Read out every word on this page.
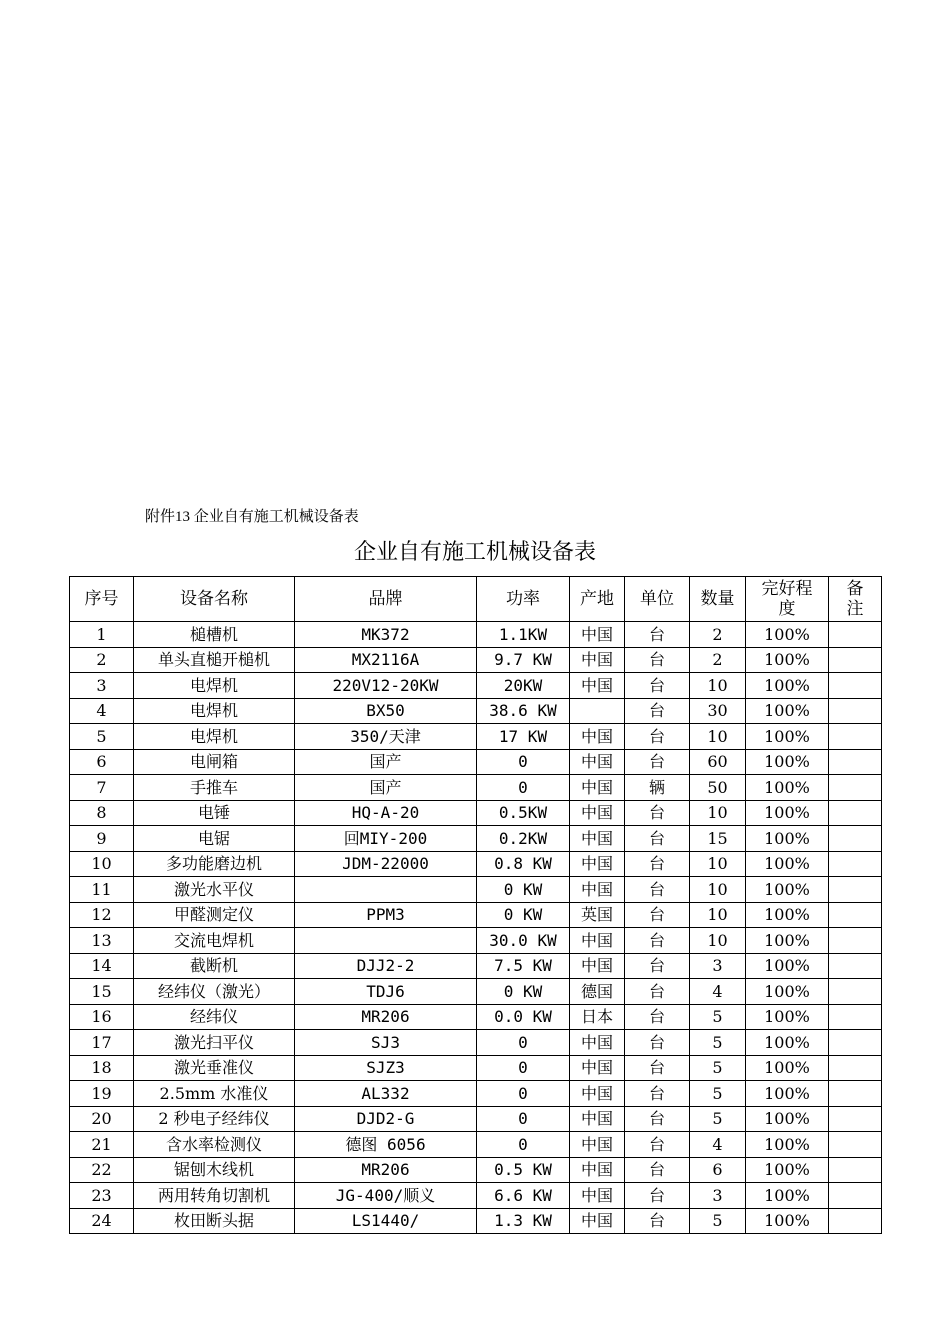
附件13 企业自有施工机械设备表
企业自有施工机械设备表
序号	设备名称	品牌	功率	产地	单位	数量	完好程度	备注
1	槌槽机	MK372	1.1KW	中国	台	2	100%	
2	单头直槌开槌机	MX2116A	9.7 KW	中国	台	2	100%	
3	电焊机	220V12-20KW	20KW	中国	台	10	100%	
4	电焊机	BX50	38.6 KW		台	30	100%	
5	电焊机	350/天津	17 KW	中国	台	10	100%	
6	电闸箱	国产	0	中国	台	60	100%	
7	手推车	国产	0	中国	辆	50	100%	
8	电锤	HQ-A-20	0.5KW	中国	台	10	100%	
9	电锯	回MIY-200	0.2KW	中国	台	15	100%	
10	多功能磨边机	JDM-22000	0.8 KW	中国	台	10	100%	
11	激光水平仪		0 KW	中国	台	10	100%	
12	甲醛测定仪	PPM3	0 KW	英国	台	10	100%	
13	交流电焊机		30.0 KW	中国	台	10	100%	
14	截断机	DJJ2-2	7.5 KW	中国	台	3	100%	
15	经纬仪（激光）	TDJ6	0 KW	德国	台	4	100%	
16	经纬仪	MR206	0.0 KW	日本	台	5	100%	
17	激光扫平仪	SJ3	0	中国	台	5	100%	
18	激光垂准仪	SJZ3	0	中国	台	5	100%	
19	2.5mm 水准仪	AL332	0	中国	台	5	100%	
20	2 秒电子经纬仪	DJD2-G	0	中国	台	5	100%	
21	含水率检测仪	德图 6056	0	中国	台	4	100%	
22	锯刨木线机	MR206	0.5 KW	中国	台	6	100%	
23	两用转角切割机	JG-400/顺义	6.6 KW	中国	台	3	100%	
24	枚田断头据	LS1440/	1.3 KW	中国	台	5	100%	
